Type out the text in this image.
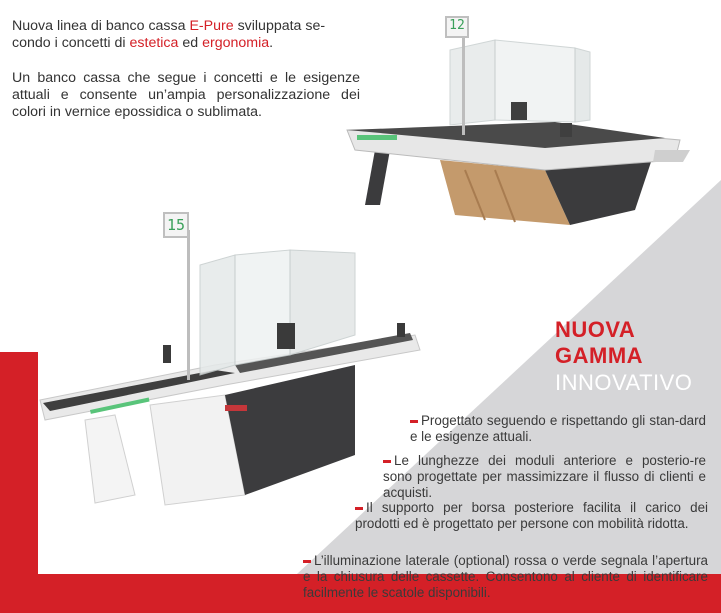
Nuova linea di banco cassa E-Pure sviluppata se-
condo i concetti di estetica ed ergonomia.
Un banco cassa che segue i concetti e le esigenze attuali e consente un’ampia personalizzazione dei colori in vernice epossidica o sublimata.
12
15
NUOVA
GAMMA
INNOVATIVO
Progettato seguendo e rispettando gli stan-dard e le esigenze attuali.
Le lunghezze dei moduli anteriore e posterio-re sono progettate per massimizzare il flusso di clienti e acquisti.
Il supporto per borsa posteriore facilita il carico dei prodotti ed è progettato per persone con mobilità ridotta.
L’illuminazione laterale (optional) rossa o verde segnala l’apertura e la chiusura delle cassette. Consentono al cliente di identificare facilmente le scatole disponibili.
